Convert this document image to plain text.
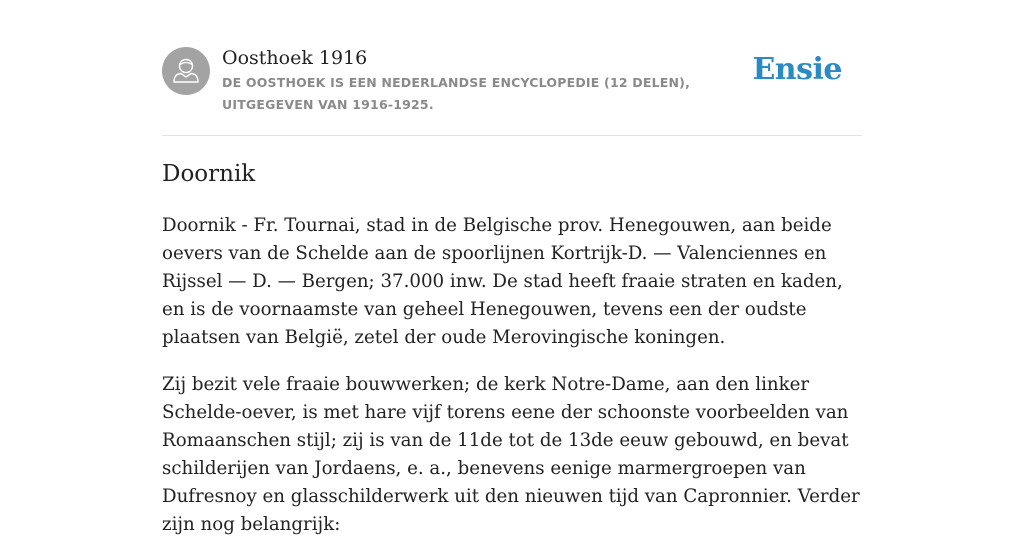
Oosthoek 1916
DE OOSTHOEK IS EEN NEDERLANDSE ENCYCLOPEDIE (12 DELEN), UITGEGEVEN VAN 1916-1925.
Ensie
Doornik

Doornik - Fr. Tournai, stad in de Belgische prov. Henegouwen, aan beide oevers van de Schelde aan de spoorlijnen Kortrijk-D. — Valenciennes en Rijssel — D. — Bergen; 37.000 inw. De stad heeft fraaie straten en kaden, en is de voornaamste van geheel Henegouwen, tevens een der oudste plaatsen van België, zetel der oude Merovingische koningen.

Zij bezit vele fraaie bouwwerken; de kerk Notre-Dame, aan den linker Schelde-oever, is met hare vijf torens eene der schoonste voorbeelden van Romaanschen stijl; zij is van de 11de tot de 13de eeuw gebouwd, en bevat schilderijen van Jordaens, e. a., benevens eenige marmergroepen van Dufresnoy en glasschilderwerk uit den nieuwen tijd van Capronnier. Verder zijn nog belangrijk:
